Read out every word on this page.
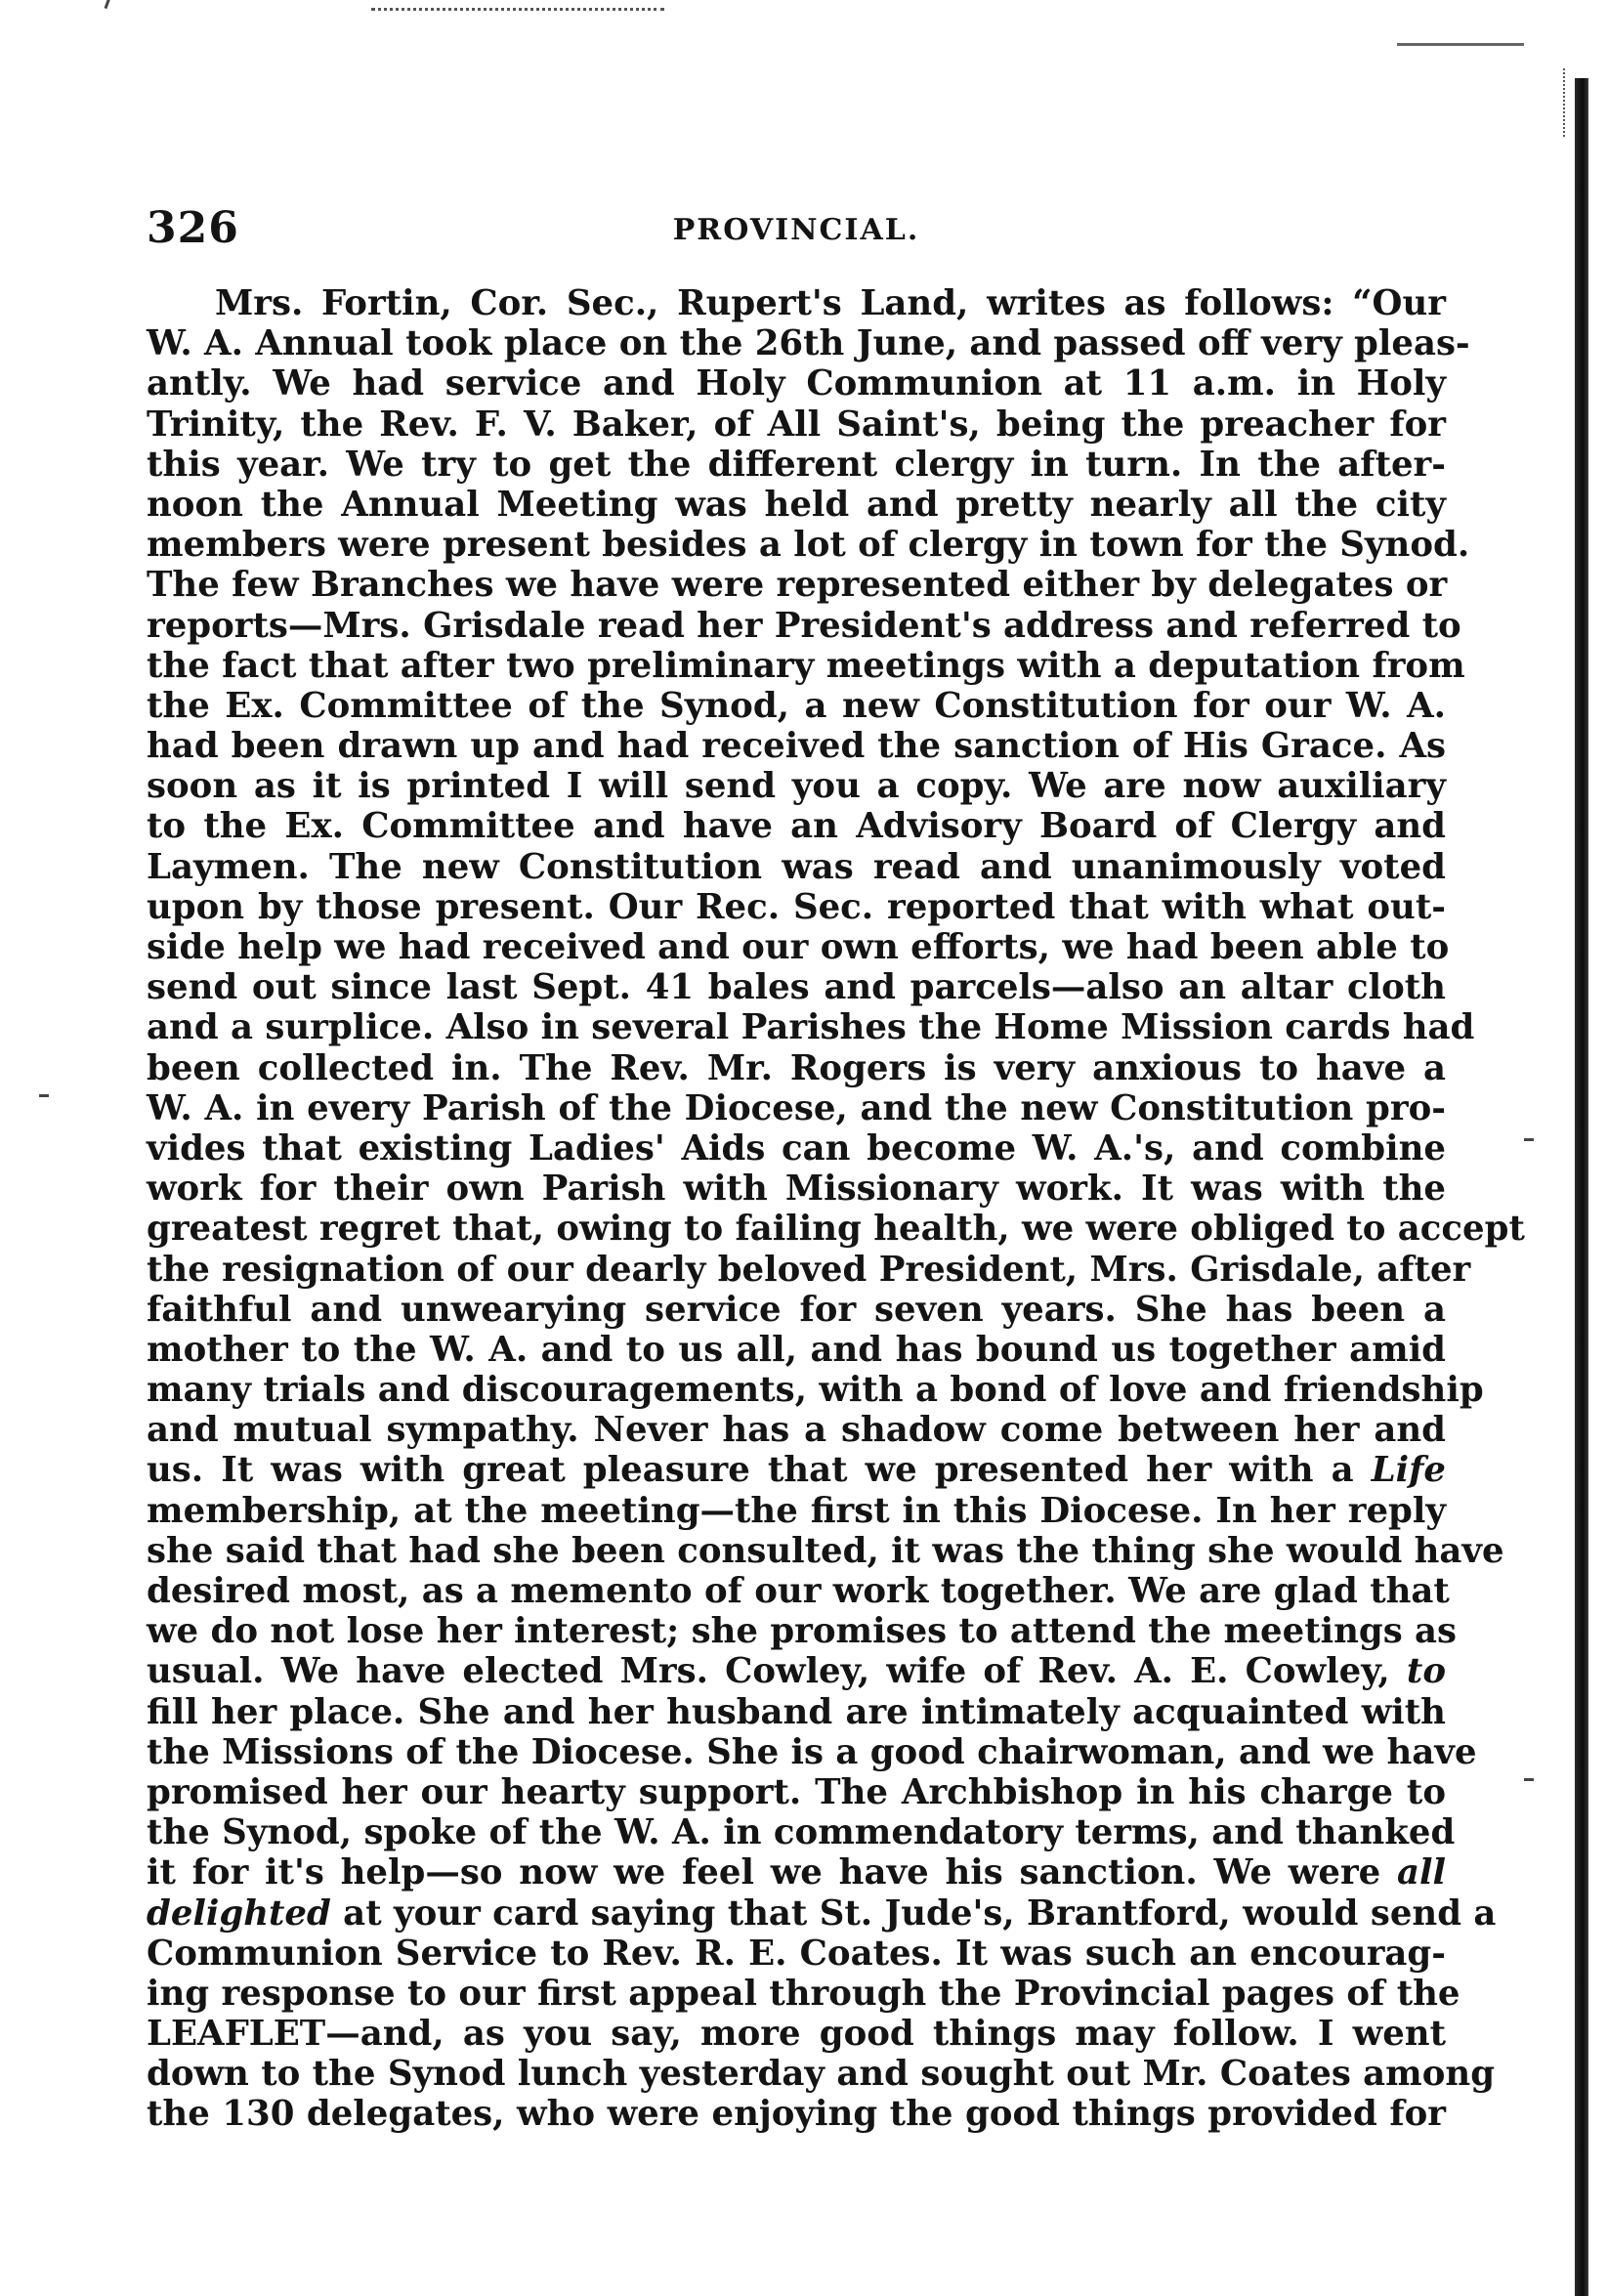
326	PROVINCIAL.
Mrs. Fortin, Cor. Sec., Rupert's Land, writes as follows: “Our
W. A. Annual took place on the 26th June, and passed off very pleas-
antly. We had service and Holy Communion at 11 a.m. in Holy
Trinity, the Rev. F. V. Baker, of All Saint's, being the preacher for
this year. We try to get the different clergy in turn. In the after-
noon the Annual Meeting was held and pretty nearly all the city
members were present besides a lot of clergy in town for the Synod.
The few Branches we have were represented either by delegates or
reports—Mrs. Grisdale read her President's address and referred to
the fact that after two preliminary meetings with a deputation from
the Ex. Committee of the Synod, a new Constitution for our W. A.
had been drawn up and had received the sanction of His Grace. As
soon as it is printed I will send you a copy. We are now auxiliary
to the Ex. Committee and have an Advisory Board of Clergy and
Laymen. The new Constitution was read and unanimously voted
upon by those present. Our Rec. Sec. reported that with what out-
side help we had received and our own efforts, we had been able to
send out since last Sept. 41 bales and parcels—also an altar cloth
and a surplice. Also in several Parishes the Home Mission cards had
been collected in. The Rev. Mr. Rogers is very anxious to have a
W. A. in every Parish of the Diocese, and the new Constitution pro-
vides that existing Ladies' Aids can become W. A.'s, and combine
work for their own Parish with Missionary work. It was with the
greatest regret that, owing to failing health, we were obliged to accept
the resignation of our dearly beloved President, Mrs. Grisdale, after
faithful and unwearying service for seven years. She has been a
mother to the W. A. and to us all, and has bound us together amid
many trials and discouragements, with a bond of love and friendship
and mutual sympathy. Never has a shadow come between her and
us. It was with great pleasure that we presented her with a Life
membership, at the meeting—the first in this Diocese. In her reply
she said that had she been consulted, it was the thing she would have
desired most, as a memento of our work together. We are glad that
we do not lose her interest; she promises to attend the meetings as
usual. We have elected Mrs. Cowley, wife of Rev. A. E. Cowley, to
fill her place. She and her husband are intimately acquainted with
the Missions of the Diocese. She is a good chairwoman, and we have
promised her our hearty support. The Archbishop in his charge to
the Synod, spoke of the W. A. in commendatory terms, and thanked
it for it's help—so now we feel we have his sanction. We were all
delighted at your card saying that St. Jude's, Brantford, would send a
Communion Service to Rev. R. E. Coates. It was such an encourag-
ing response to our first appeal through the Provincial pages of the
LEAFLET—and, as you say, more good things may follow. I went
down to the Synod lunch yesterday and sought out Mr. Coates among
the 130 delegates, who were enjoying the good things provided for
